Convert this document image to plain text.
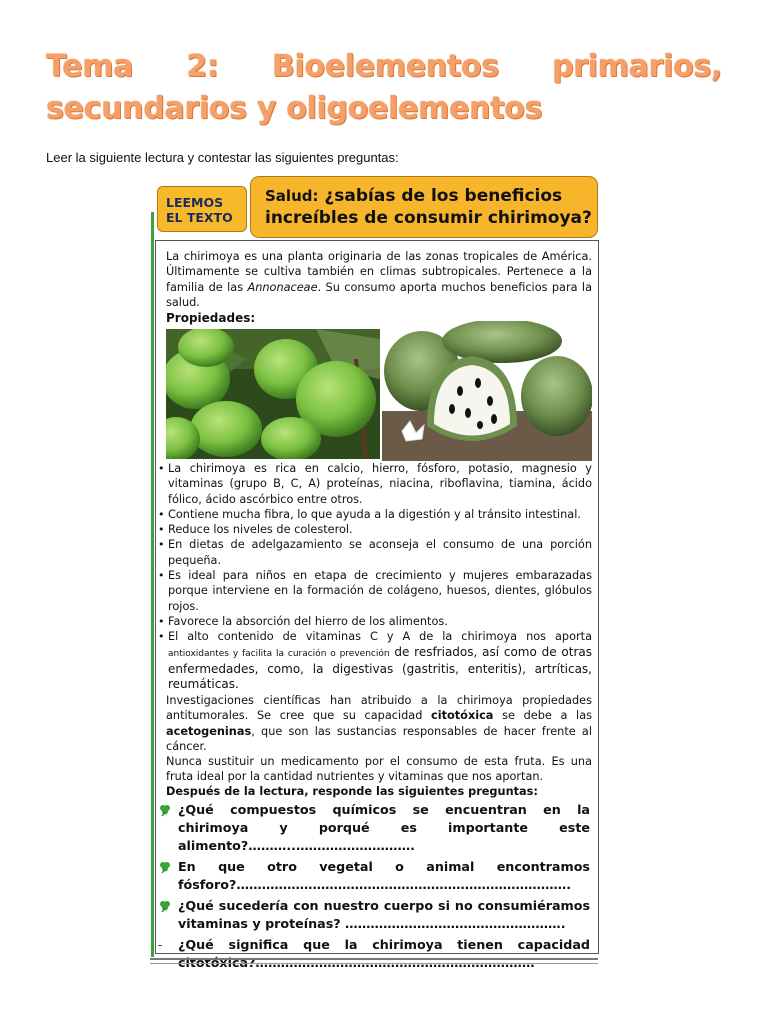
Tema 2: Bioelementos primarios,
secundarios y oligoelementos
Leer la siguiente lectura y contestar las siguientes preguntas:
LEEMOS
EL TEXTO
Salud: ¿sabías de los beneficios
increíbles de consumir chirimoya?

La chirimoya es una planta originaria de las zonas tropicales de América. Últimamente se cultiva también en climas subtropicales. Pertenece a la familia de las Annonaceae. Su consumo aporta muchos beneficios para la salud.

Propiedades:
• La chirimoya es rica en calcio, hierro, fósforo, potasio, magnesio y vitaminas (grupo B, C, A) proteínas, niacina, riboflavina, tiamina, ácido fólico, ácido ascórbico entre otros.
• Contiene mucha fibra, lo que ayuda a la digestión y al tránsito intestinal.
• Reduce los niveles de colesterol.
• En dietas de adelgazamiento se aconseja el consumo de una porción pequeña.
• Es ideal para niños en etapa de crecimiento y mujeres embarazadas porque interviene en la formación de colágeno, huesos, dientes, glóbulos rojos.
• Favorece la absorción del hierro de los alimentos.
• El alto contenido de vitaminas C y A de la chirimoya nos aporta antioxidantes y facilita la curación o prevención de resfriados, así como de otras enfermedades, como, la digestivas (gastritis, enteritis), artríticas, reumáticas.

Investigaciones científicas han atribuido a la chirimoya propiedades antitumorales. Se cree que su capacidad citotóxica se debe a las acetogeninas, que son las sustancias responsables de hacer frente al cáncer.

Nunca sustituir un medicamento por el consumo de esta fruta. Es una fruta ideal por la cantidad nutrientes y vitaminas que nos aportan.

Después de la lectura, responde las siguientes preguntas:
¿Qué compuestos químicos se encuentran en la chirimoya y porqué es importante este alimento?………..……………………….
En que otro vegetal o animal encontramos fósforo?…………………………………………………………………….
¿Qué sucedería con nuestro cuerpo si no consumiéramos vitaminas y proteínas? …………………………………………….
-	¿Qué significa que la chirimoya tienen capacidad citotóxica?…………………………………………………………
